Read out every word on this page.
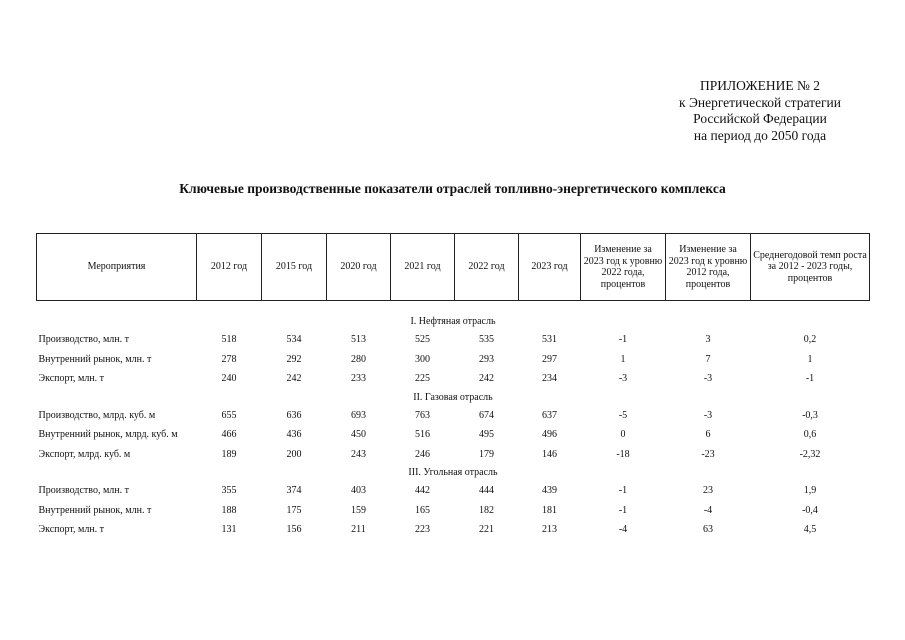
ПРИЛОЖЕНИЕ № 2
к Энергетической стратегии
Российской Федерации
на период до 2050 года
Ключевые производственные показатели отраслей топливно-энергетического комплекса
Мероприятия	2012 год	2015 год	2020 год	2021 год	2022 год	2023 год	Изменение за 2023 год к уровню 2022 года, процентов	Изменение за 2023 год к уровню 2012 года, процентов	Среднегодовой темп роста за 2012 - 2023 годы, процентов

I. Нефтяная отрасль									
Производство, млн. т	518	534	513	525	535	531	-1	3	0,2
Внутренний рынок, млн. т	278	292	280	300	293	297	1	7	1
Экспорт, млн. т	240	242	233	225	242	234	-3	-3	-1
II. Газовая отрасль									
Производство, млрд. куб. м	655	636	693	763	674	637	-5	-3	-0,3
Внутренний рынок, млрд. куб. м	466	436	450	516	495	496	0	6	0,6
Экспорт, млрд. куб. м	189	200	243	246	179	146	-18	-23	-2,32
III. Угольная отрасль									
Производство, млн. т	355	374	403	442	444	439	-1	23	1,9
Внутренний рынок, млн. т	188	175	159	165	182	181	-1	-4	-0,4
Экспорт, млн. т	131	156	211	223	221	213	-4	63	4,5
